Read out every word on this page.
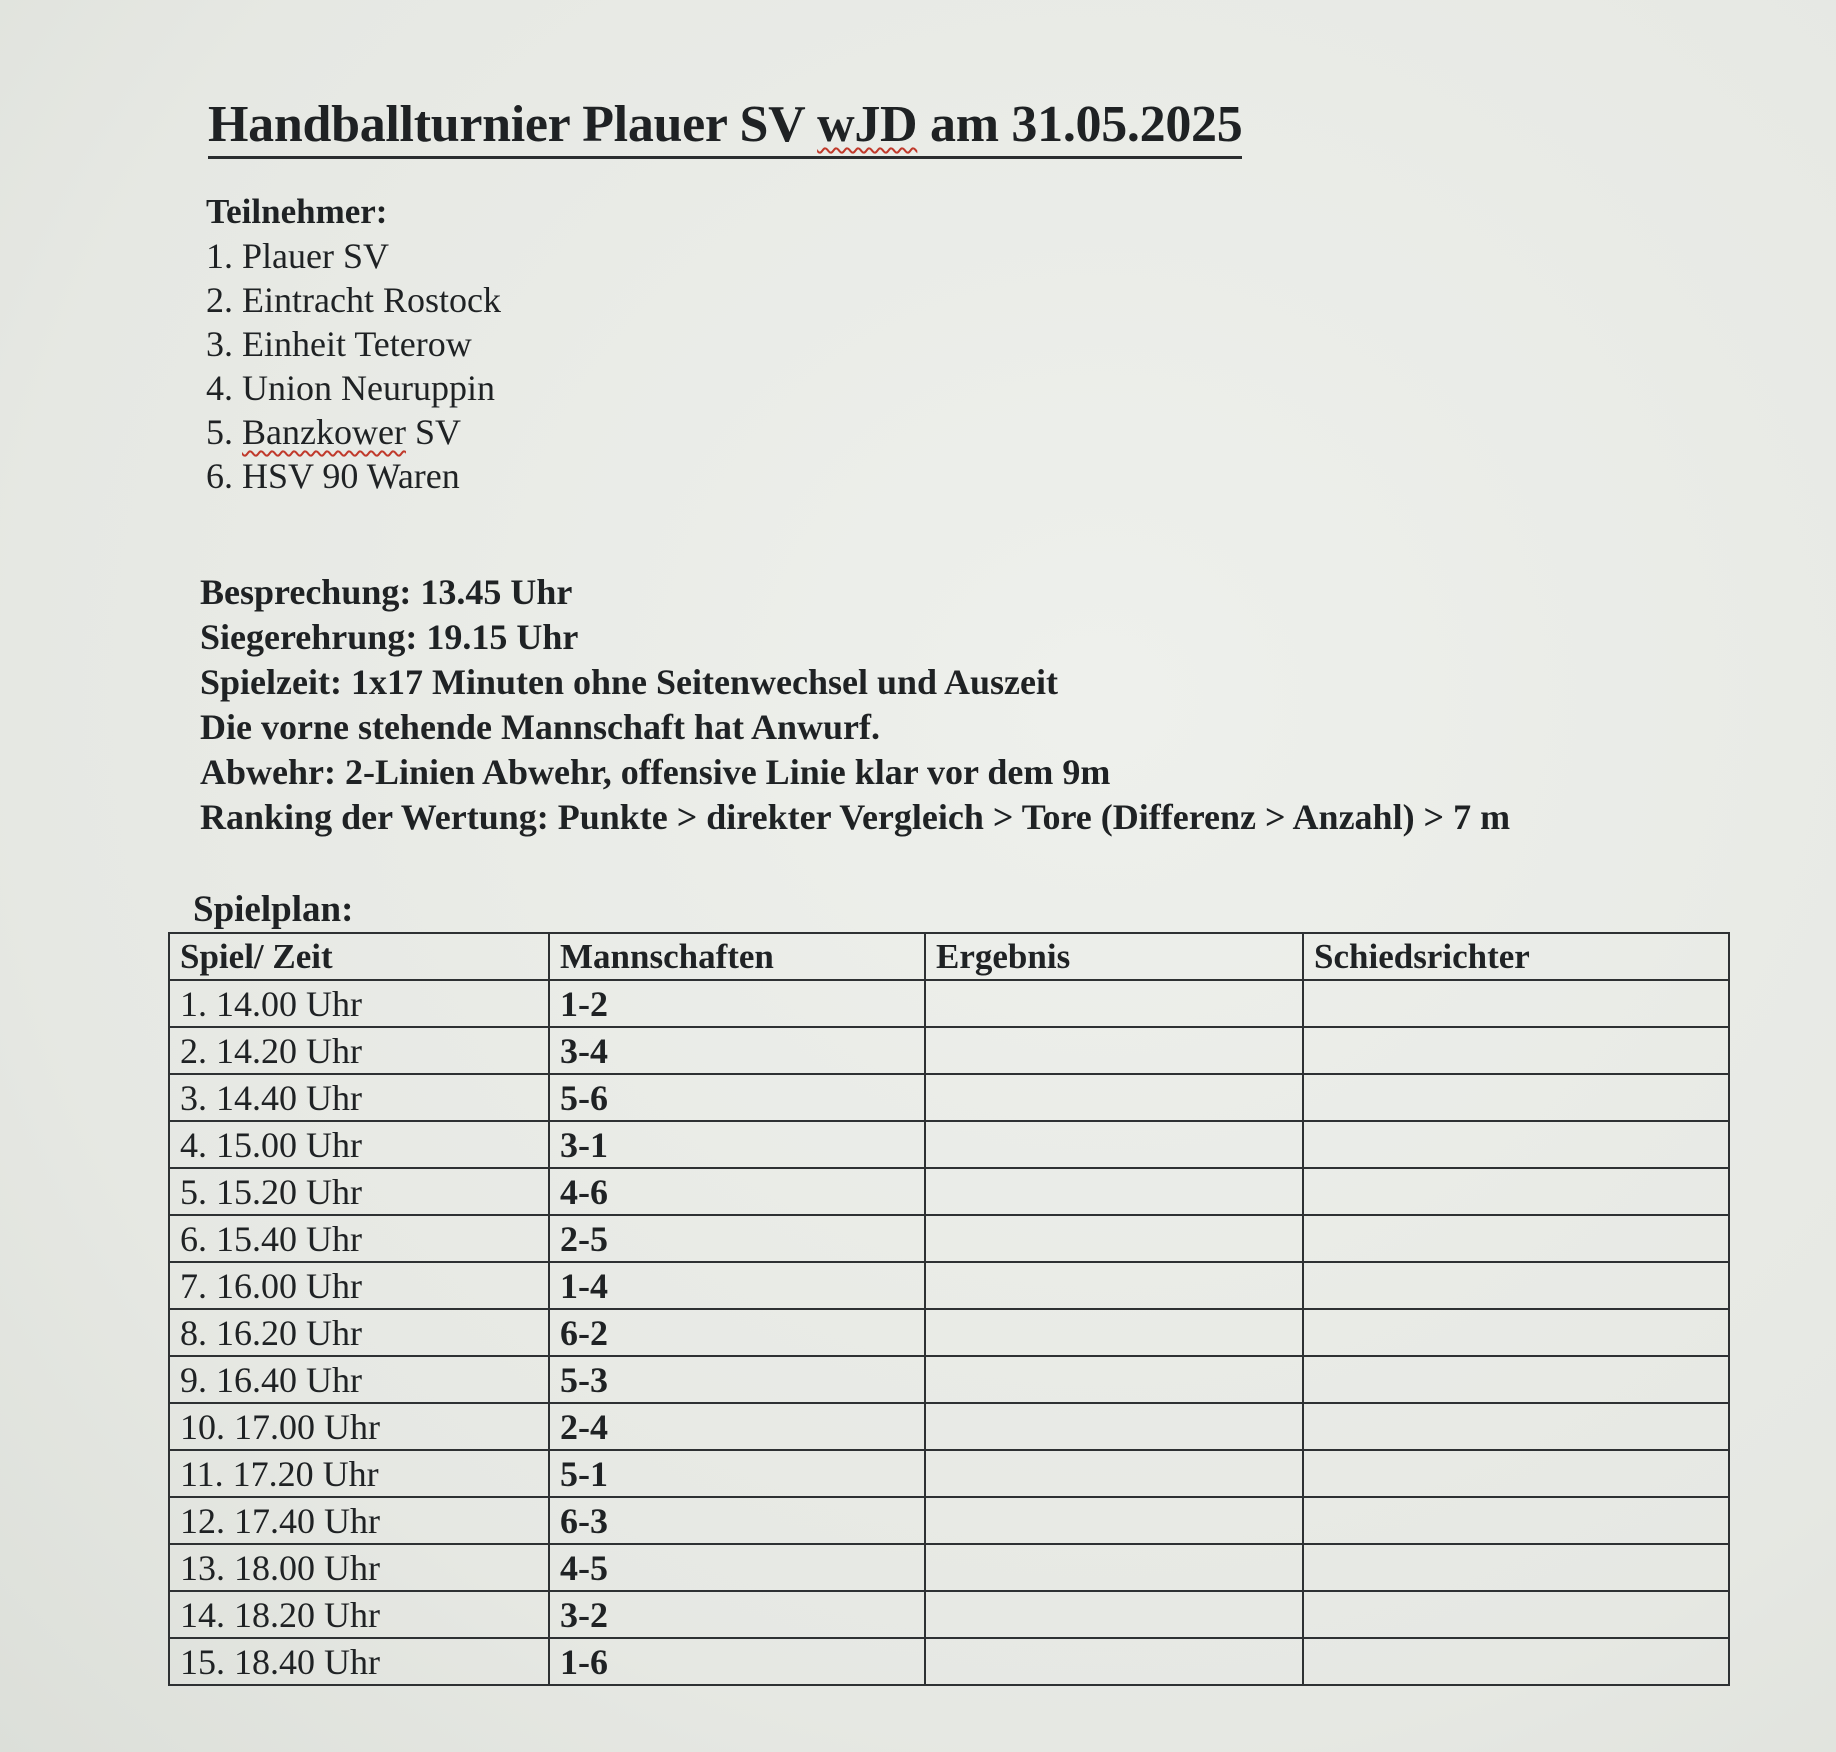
Handballturnier Plauer SV wJD am 31.05.2025
Teilnehmer:
1. Plauer SV
2. Eintracht Rostock
3. Einheit Teterow
4. Union Neuruppin
5. Banzkower SV
6. HSV 90 Waren
Besprechung: 13.45 Uhr
Siegerehrung: 19.15 Uhr
Spielzeit: 1x17 Minuten ohne Seitenwechsel und Auszeit
Die vorne stehende Mannschaft hat Anwurf.
Abwehr: 2-Linien Abwehr, offensive Linie klar vor dem 9m
Ranking der Wertung: Punkte > direkter Vergleich > Tore (Differenz > Anzahl) > 7 m
Spielplan:
Spiel/ Zeit	Mannschaften	Ergebnis	Schiedsrichter
1. 14.00 Uhr	1-2		
2. 14.20 Uhr	3-4		
3. 14.40 Uhr	5-6		
4. 15.00 Uhr	3-1		
5. 15.20 Uhr	4-6		
6. 15.40 Uhr	2-5		
7. 16.00 Uhr	1-4		
8. 16.20 Uhr	6-2		
9. 16.40 Uhr	5-3		
10. 17.00 Uhr	2-4		
11. 17.20 Uhr	5-1		
12. 17.40 Uhr	6-3		
13. 18.00 Uhr	4-5		
14. 18.20 Uhr	3-2		
15. 18.40 Uhr	1-6		
